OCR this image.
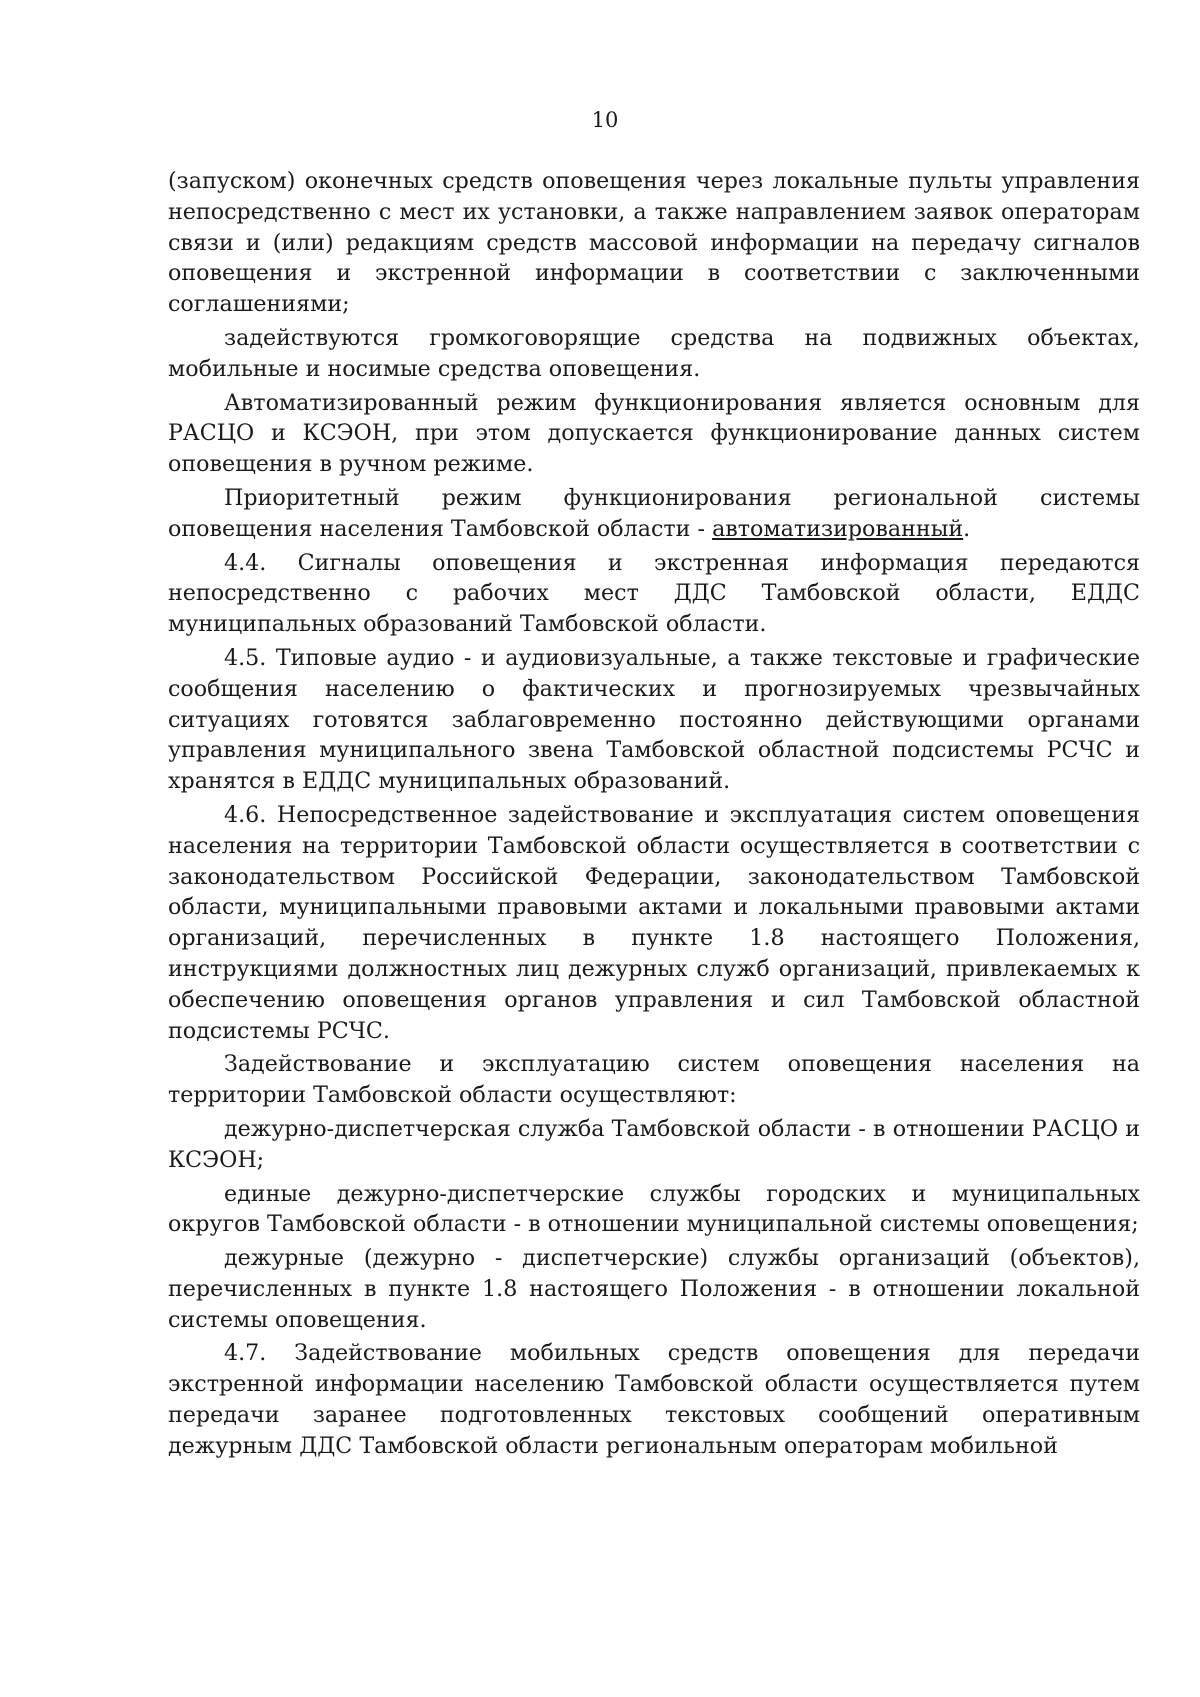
10

(запуском) оконечных средств оповещения через локальные пульты управления непосредственно с мест их установки, а также направлением заявок операторам связи и (или) редакциям средств массовой информации на передачу сигналов оповещения и экстренной информации в соответствии с заключенными соглашениями;

задействуются громкоговорящие средства на подвижных объектах, мобильные и носимые средства оповещения.

Автоматизированный режим функционирования является основным для РАСЦО и КСЭОН, при этом допускается функционирование данных систем оповещения в ручном режиме.

Приоритетный режим функционирования региональной системы оповещения населения Тамбовской области - автоматизированный.

4.4. Сигналы оповещения и экстренная информация передаются непосредственно с рабочих мест ДДС Тамбовской области, ЕДДС муниципальных образований Тамбовской области.

4.5. Типовые аудио - и аудиовизуальные, а также текстовые и графические сообщения населению о фактических и прогнозируемых чрезвычайных ситуациях готовятся заблаговременно постоянно действующими органами управления муниципального звена Тамбовской областной подсистемы РСЧС и хранятся в ЕДДС муниципальных образований.

4.6. Непосредственное задействование и эксплуатация систем оповещения населения на территории Тамбовской области осуществляется в соответствии с законодательством Российской Федерации, законодательством Тамбовской области, муниципальными правовыми актами и локальными правовыми актами организаций, перечисленных в пункте 1.8 настоящего Положения, инструкциями должностных лиц дежурных служб организаций, привлекаемых к обеспечению оповещения органов управления и сил Тамбовской областной подсистемы РСЧС.

Задействование и эксплуатацию систем оповещения населения на территории Тамбовской области осуществляют:

дежурно-диспетчерская служба Тамбовской области - в отношении РАСЦО и КСЭОН;

единые дежурно-диспетчерские службы городских и муниципальных округов Тамбовской области - в отношении муниципальной системы оповещения;

дежурные (дежурно - диспетчерские) службы организаций (объектов), перечисленных в пункте 1.8 настоящего Положения - в отношении локальной системы оповещения.

4.7. Задействование мобильных средств оповещения для передачи экстренной информации населению Тамбовской области осуществляется путем передачи заранее подготовленных текстовых сообщений оперативным дежурным ДДС Тамбовской области региональным операторам мобильной
